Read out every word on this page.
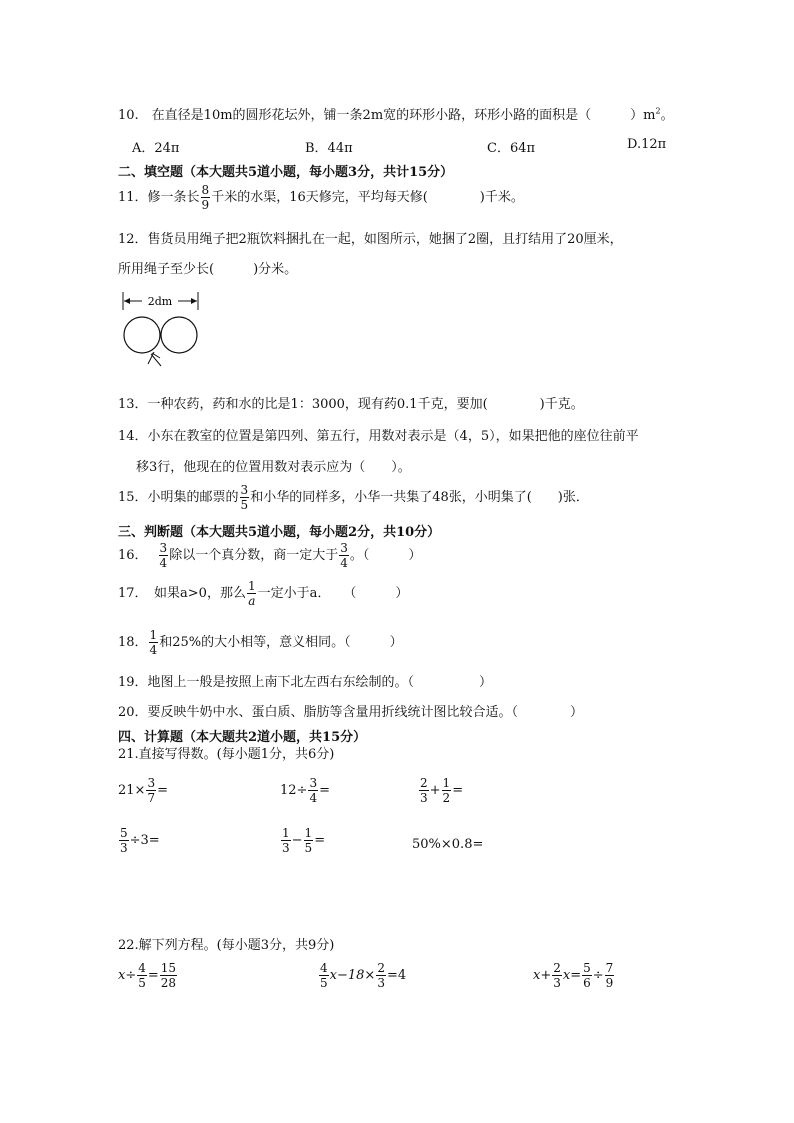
10.　在直径是10m的圆形花坛外，铺一条2m宽的环形小路，环形小路的面积是（　　　）$m^2$。
A．24π	B．44π	C．64π	D.12π
二、填空题（本大题共5道小题，每小题3分，共计15分）
11．修一条长 $\frac{8}{9}$ 千米的水渠，16天修完，平均每天修(　　　　)千米。
12．售货员用绳子把2瓶饮料捆扎在一起，如图所示，她捆了2圈，且打结用了20厘米，
所用绳子至少长(　　　)分米。
2dm
13．一种农药，药和水的比是1：3000，现有药0.1千克，要加(　　　　)千克。
14．小东在教室的位置是第四列、第五行，用数对表示是（4，5），如果把他的座位往前平
移3行，他现在的位置用数对表示应为（　　）。
15．小明集的邮票的 $\frac{3}{5}$ 和小华的同样多，小华一共集了48张，小明集了(　　)张．
三、判断题（本大题共5道小题，每小题2分，共10分）
16． $\frac{3}{4}$ 除以一个真分数，商一定大于 $\frac{3}{4}$ 。（　　　）
17．　如果a>0，那么 $\frac{1}{a}$ 一定小于a．　　（　　　）
18． $\frac{1}{4}$ 和25%的大小相等，意义相同。（　　　）
19．地图上一般是按照上南下北左西右东绘制的。（　　　　　）
20．要反映牛奶中水、蛋白质、脂肪等含量用折线统计图比较合适。（　　　　）
四、计算题（本大题共2道小题，共15分）
21.直接写得数。(每小题1分，共6分)
$21\times \frac{3}{7}$ =	$12\div \frac{3}{4}$ =	$\frac{2}{3} + \frac{1}{2}$ =
$\frac{5}{3} \div 3=$	$\frac{1}{3} - \frac{1}{5}$ =	50%×0.8=
22.解下列方程。(每小题3分，共9分)
$x\div \frac{4}{5} = \frac{15}{28}$	$\frac{4}{5} x-18\times \frac{2}{3} =4$	$x+ \frac{2}{3} x= \frac{5}{6} \div \frac{7}{9}$
